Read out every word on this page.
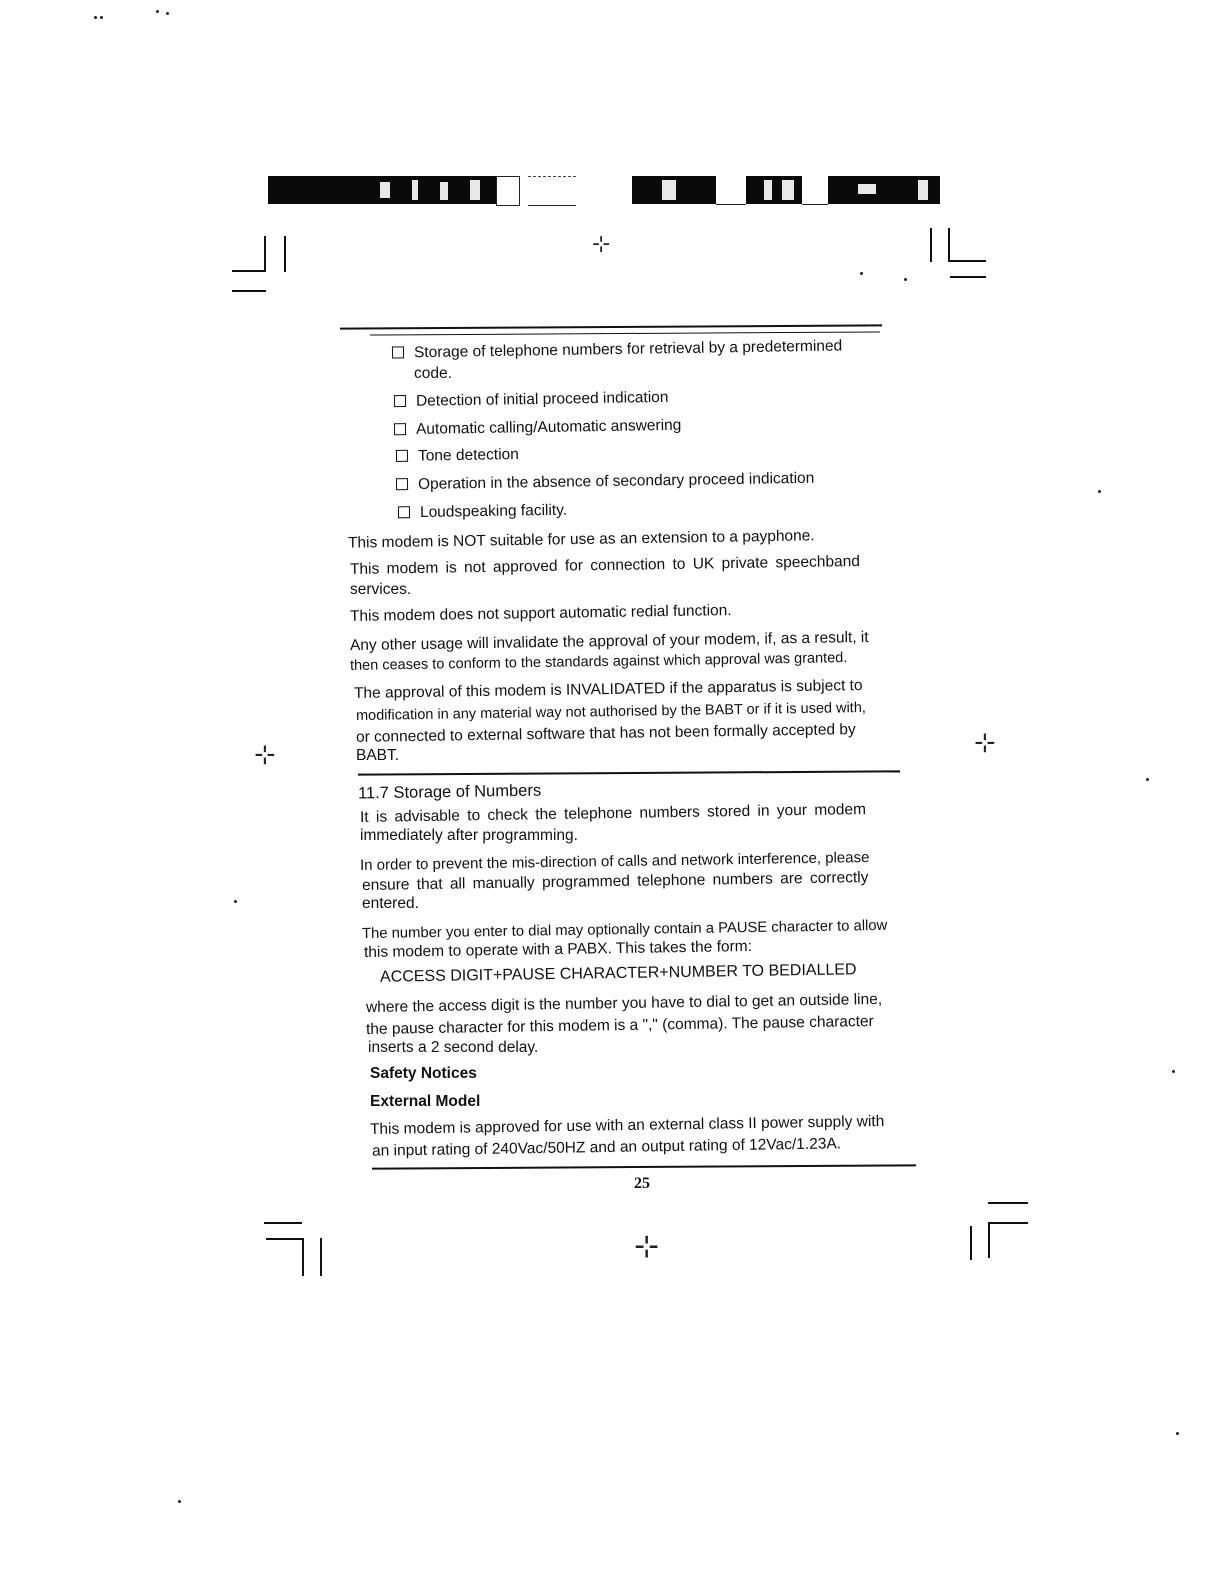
⊹
⊹
⊹	⊹
Storage of telephone numbers for retrieval by a predetermined
code.
Detection of initial proceed indication
Automatic calling/Automatic answering
Tone detection
Operation in the absence of secondary proceed indication
Loudspeaking facility.
This modem is NOT suitable for use as an extension to a payphone.
This modem is not approved for connection to UK private speechband
services.
This modem does not support automatic redial function.
Any other usage will invalidate the approval of your modem, if, as a result, it
then ceases to conform to the standards against which approval was granted.
The approval of this modem is INVALIDATED if the apparatus is subject to
modification in any material way not authorised by the BABT or if it is used with,
or connected to external software that has not been formally accepted by
BABT.
11.7 Storage of Numbers
It is advisable to check the telephone numbers stored in your modem
immediately after programming.
In order to prevent the mis-direction of calls and network interference, please
ensure that all manually programmed telephone numbers are correctly
entered.
The number you enter to dial may optionally contain a PAUSE character to allow
this modem to operate with a PABX. This takes the form:
ACCESS DIGIT+PAUSE CHARACTER+NUMBER TO BEDIALLED
where the access digit is the number you have to dial to get an outside line,
the pause character for this modem is a "," (comma). The pause character
inserts a 2 second delay.
Safety Notices
External Model
This modem is approved for use with an external class II power supply with
an input rating of 240Vac/50HZ and an output rating of 12Vac/1.23A.
25
